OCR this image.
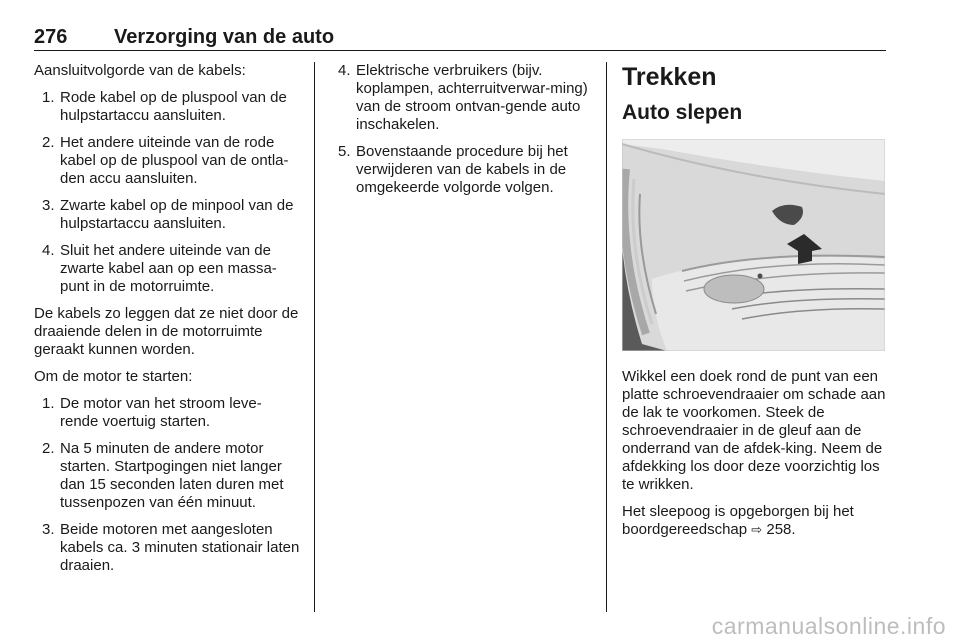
276 Verzorging van de auto

Aansluitvolgorde van de kabels:

1. Rode kabel op de pluspool van de hulpstartaccu aansluiten.
2. Het andere uiteinde van de rode kabel op de pluspool van de ontla-den accu aansluiten.
3. Zwarte kabel op de minpool van de hulpstartaccu aansluiten.
4. Sluit het andere uiteinde van de zwarte kabel aan op een massa-punt in de motorruimte.

De kabels zo leggen dat ze niet door de draaiende delen in de motorruimte geraakt kunnen worden.

Om de motor te starten:

1. De motor van het stroom leve-rende voertuig starten.
2. Na 5 minuten de andere motor starten. Startpogingen niet langer dan 15 seconden laten duren met tussenpozen van één minuut.
3. Beide motoren met aangesloten kabels ca. 3 minuten stationair laten draaien.
4. Elektrische verbruikers (bijv. koplampen, achterruitverwar-ming) van de stroom ontvan-gende auto inschakelen.
5. Bovenstaande procedure bij het verwijderen van de kabels in de omgekeerde volgorde volgen.
Trekken
Auto slepen

Wikkel een doek rond de punt van een platte schroevendraaier om schade aan de lak te voorkomen. Steek de schroevendraaier in de gleuf aan de onderrand van de afdek-king. Neem de afdekking los door deze voorzichtig los te wrikken.

Het sleepoog is opgeborgen bij het boordgereedschap ⇨ 258.

carmanualsonline.info
